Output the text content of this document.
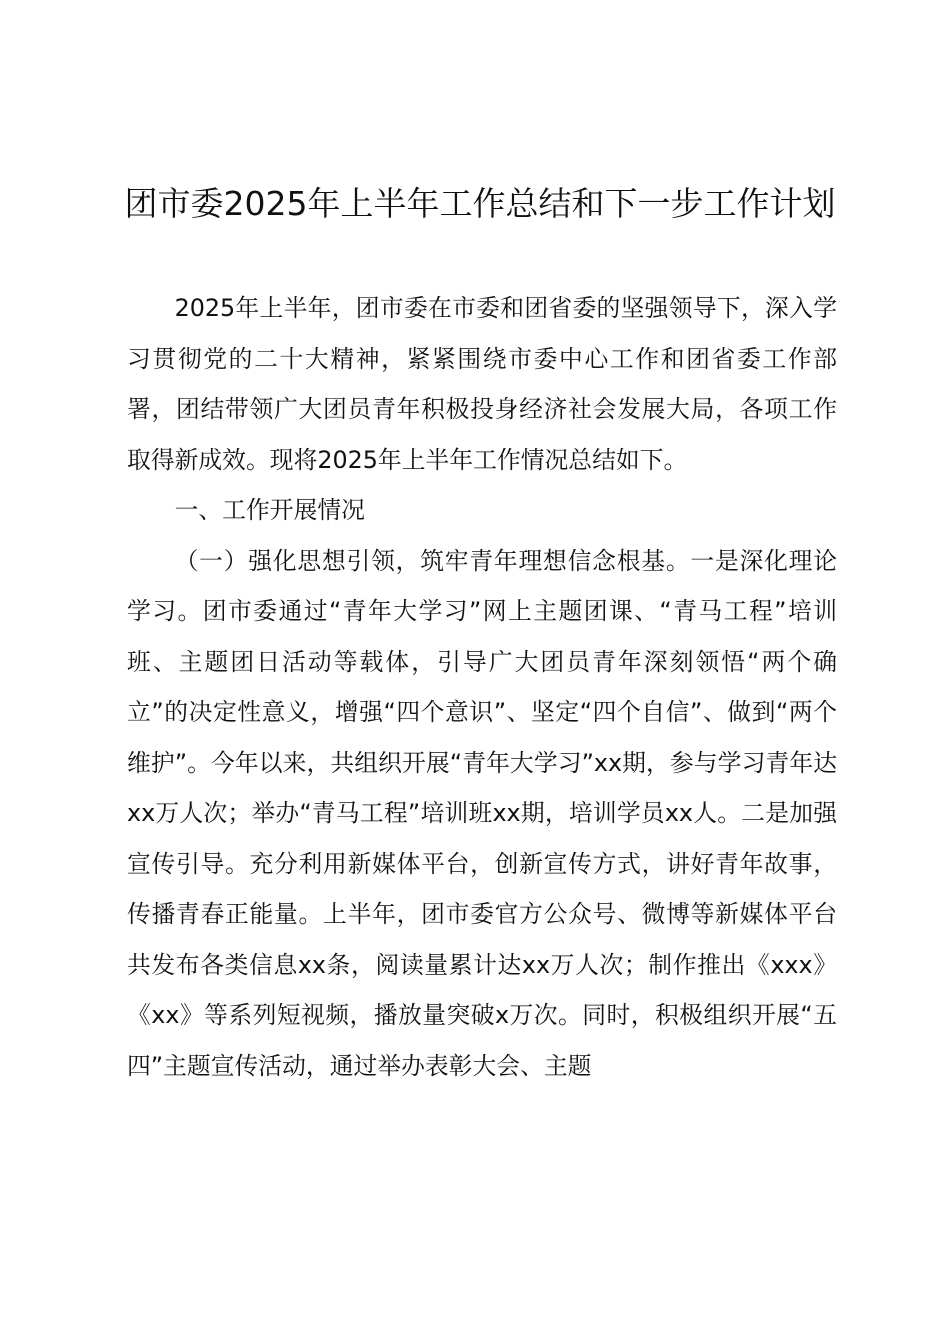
团市委2025年上半年工作总结和下一步工作计划

2025年上半年，团市委在市委和团省委的坚强领导下，深入学习贯彻党的二十大精神，紧紧围绕市委中心工作和团省委工作部署，团结带领广大团员青年积极投身经济社会发展大局，各项工作取得新成效。现将2025年上半年工作情况总结如下。

一、工作开展情况

（一）强化思想引领，筑牢青年理想信念根基。一是深化理论学习。团市委通过“青年大学习”网上主题团课、“青马工程”培训班、主题团日活动等载体，引导广大团员青年深刻领悟“两个确立”的决定性意义，增强“四个意识”、坚定“四个自信”、做到“两个维护”。今年以来，共组织开展“青年大学习”xx期，参与学习青年达xx万人次；举办“青马工程”培训班xx期，培训学员xx人。二是加强宣传引导。充分利用新媒体平台，创新宣传方式，讲好青年故事，传播青春正能量。上半年，团市委官方公众号、微博等新媒体平台共发布各类信息xx条，阅读量累计达xx万人次；制作推出《xxx》《xx》等系列短视频，播放量突破x万次。同时，积极组织开展“五四”主题宣传活动，通过举办表彰大会、主题
